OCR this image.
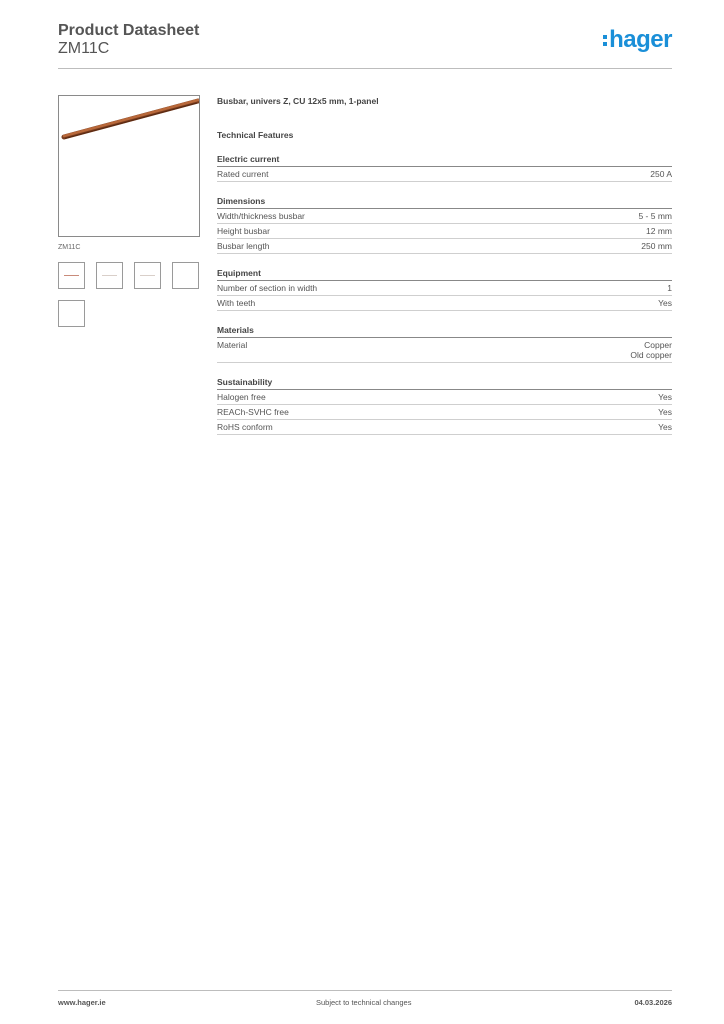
Product Datasheet
ZM11C	hager
ZM11C
Busbar, univers Z, CU 12x5 mm, 1-panel
Technical Features
Electric current
Rated current	250 A
Dimensions
Width/thickness busbar	5 - 5 mm
Height busbar	12 mm
Busbar length	250 mm
Equipment
Number of section in width	1
With teeth	Yes
Materials
Material	Copper
Old copper
Sustainability
Halogen free	Yes
REACh-SVHC free	Yes
RoHS conform	Yes
www.hager.ie	Subject to technical changes	04.03.2026
